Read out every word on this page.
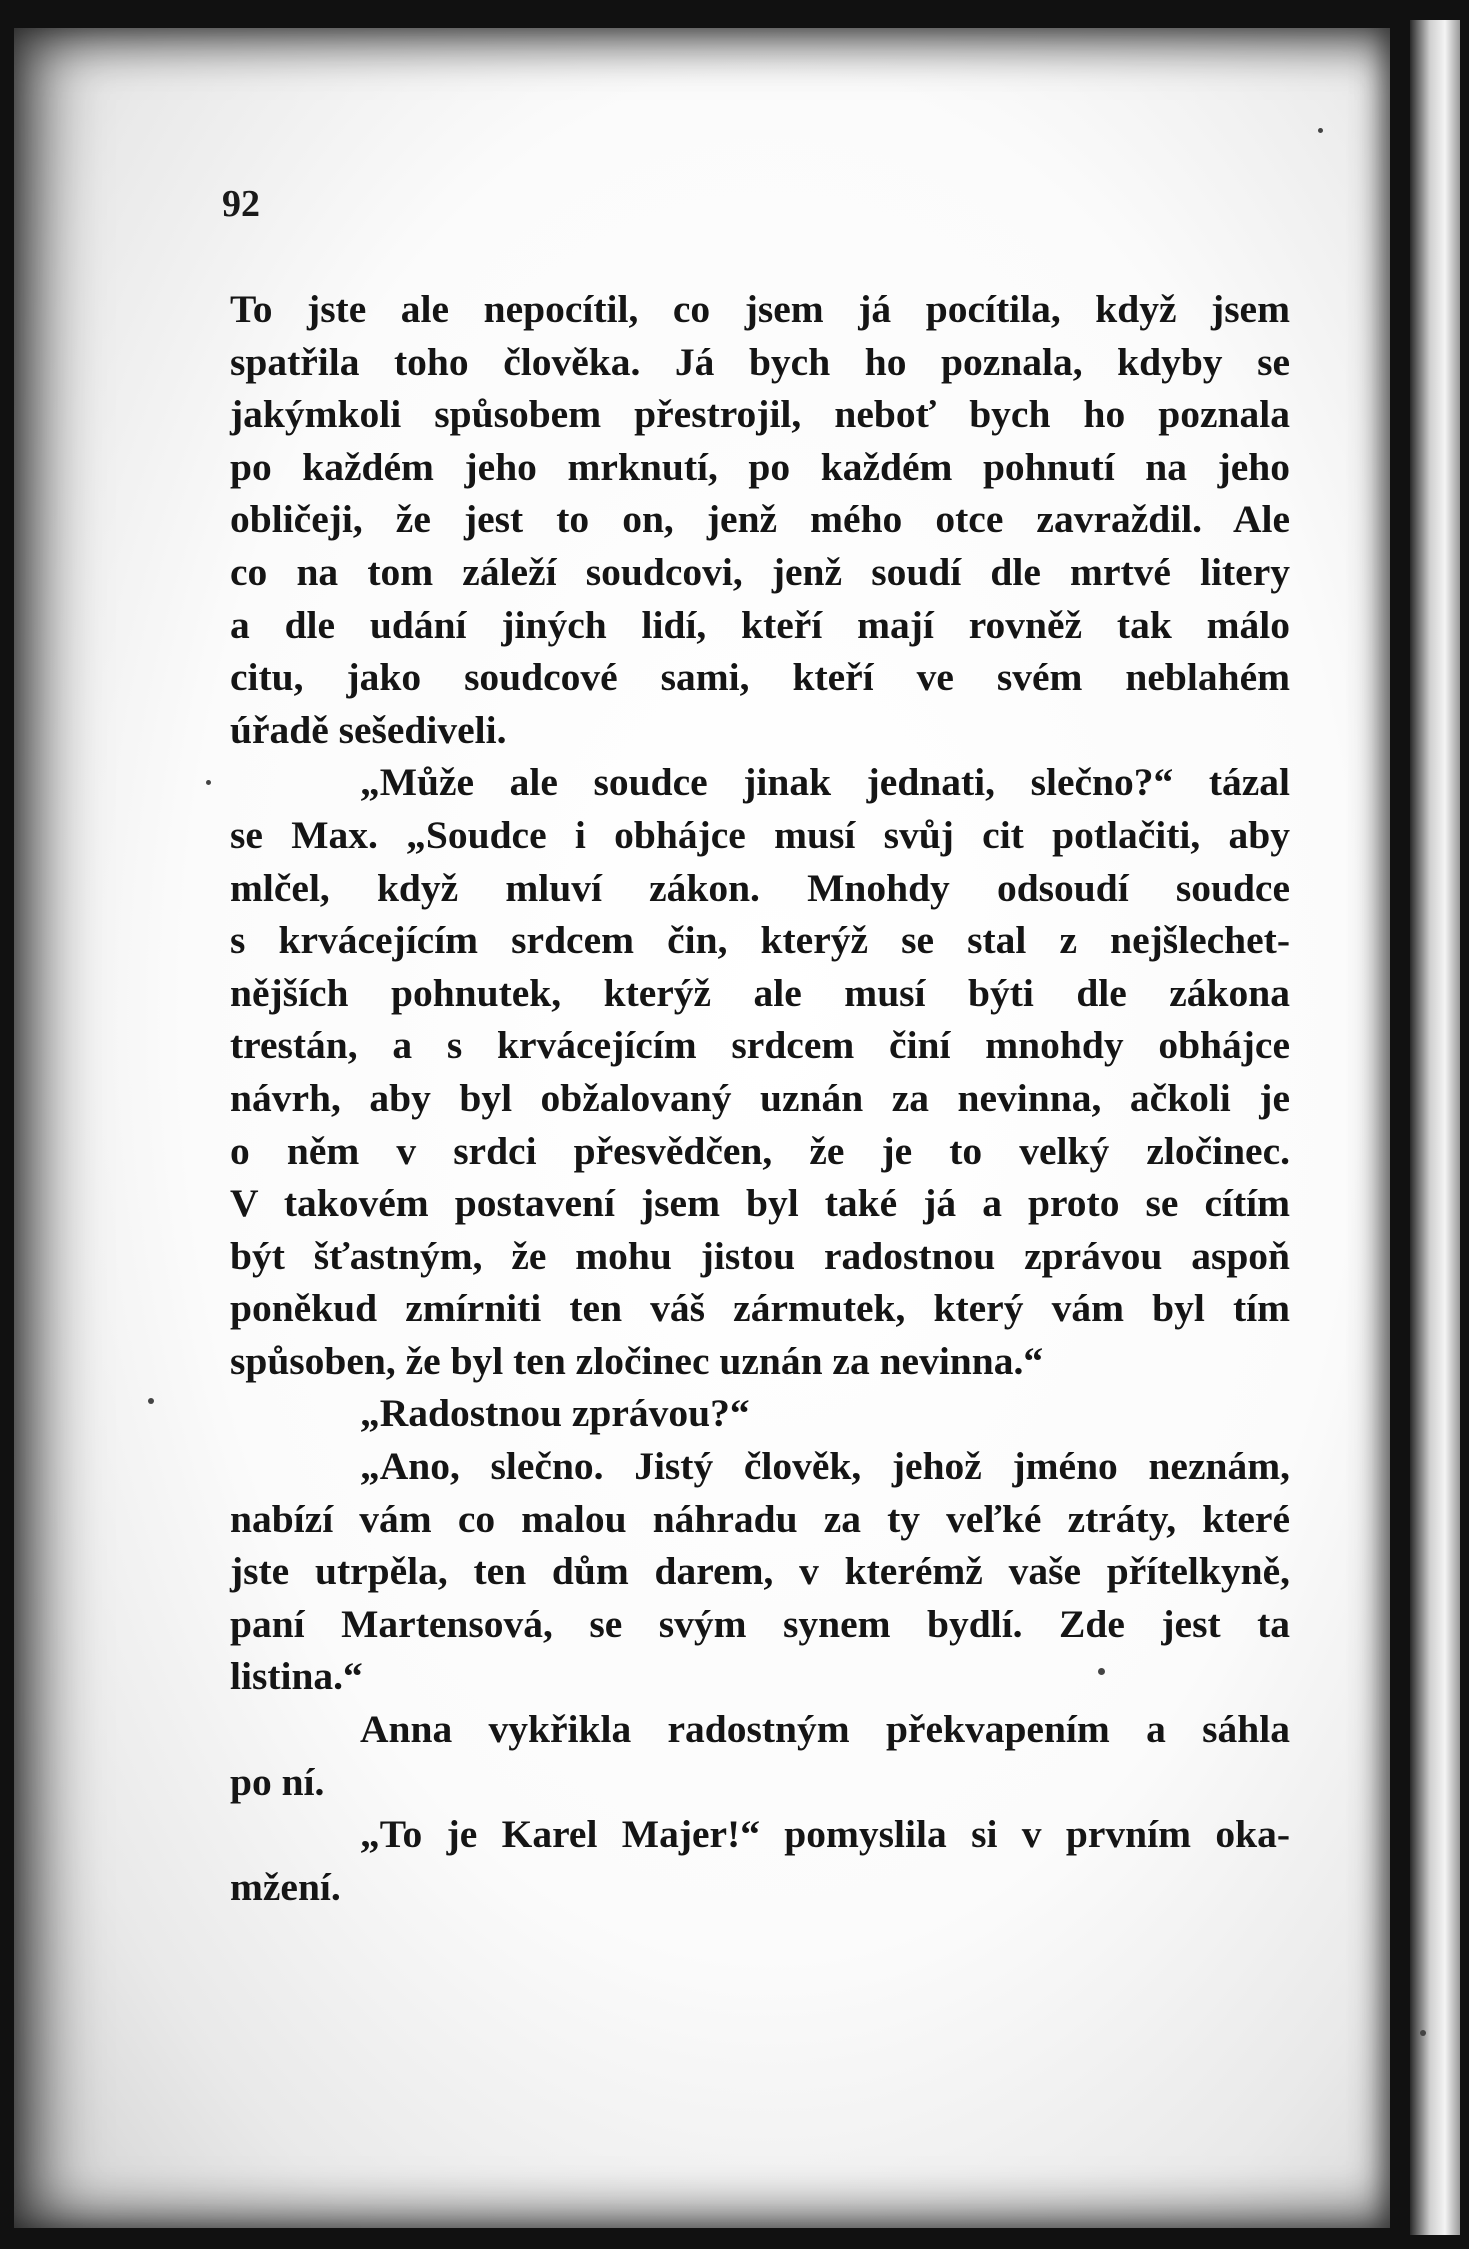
92
To jste ale nepocítil, co jsem já pocítila, když jsem
spatřila toho člověka. Já bych ho poznala, kdyby se
jakýmkoli spůsobem přestrojil, neboť bych ho poznala
po každém jeho mrknutí, po každém pohnutí na jeho
obličeji, že jest to on, jenž mého otce zavraždil. Ale
co na tom záleží soudcovi, jenž soudí dle mrtvé litery
a dle udání jiných lidí, kteří mají rovněž tak málo
citu, jako soudcové sami, kteří ve svém neblahém
úřadě sešediveli.
„Může ale soudce jinak jednati, slečno?“ tázal
se Max. „Soudce i obhájce musí svůj cit potlačiti, aby
mlčel, když mluví zákon. Mnohdy odsoudí soudce
s krvácejícím srdcem čin, kterýž se stal z nejšlechet-
nějších pohnutek, kterýž ale musí býti dle zákona
trestán, a s krvácejícím srdcem činí mnohdy obhájce
návrh, aby byl obžalovaný uznán za nevinna, ačkoli je
o něm v srdci přesvědčen, že je to velký zločinec.
V takovém postavení jsem byl také já a proto se cítím
být šťastným, že mohu jistou radostnou zprávou aspoň
poněkud zmírniti ten váš zármutek, který vám byl tím
spůsoben, že byl ten zločinec uznán za nevinna.“
„Radostnou zprávou?“
„Ano, slečno. Jistý člověk, jehož jméno neznám,
nabízí vám co malou náhradu za ty veľké ztráty, které
jste utrpěla, ten dům darem, v kterémž vaše přítelkyně,
paní Martensová, se svým synem bydlí. Zde jest ta
listina.“
Anna vykřikla radostným překvapením a sáhla
po ní.
„To je Karel Majer!“ pomyslila si v prvním oka-
mžení.
